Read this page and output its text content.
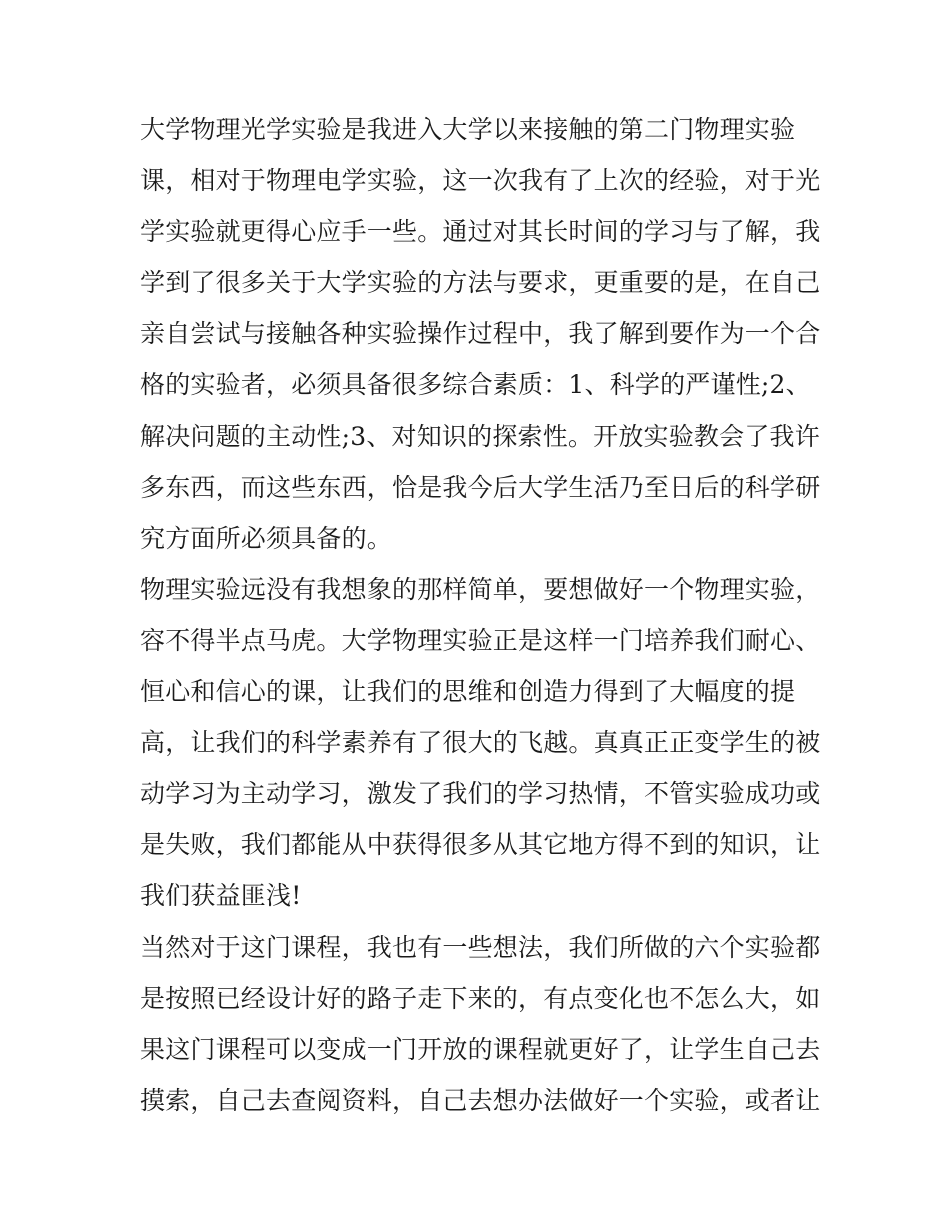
大学物理光学实验是我进入大学以来接触的第二门物理实验
课，相对于物理电学实验，这一次我有了上次的经验，对于光
学实验就更得心应手一些。通过对其长时间的学习与了解，我
学到了很多关于大学实验的方法与要求，更重要的是，在自己
亲自尝试与接触各种实验操作过程中，我了解到要作为一个合
格的实验者，必须具备很多综合素质：1、科学的严谨性;2、
解决问题的主动性;3、对知识的探索性。开放实验教会了我许
多东西，而这些东西，恰是我今后大学生活乃至日后的科学研
究方面所必须具备的。
物理实验远没有我想象的那样简单，要想做好一个物理实验，
容不得半点马虎。大学物理实验正是这样一门培养我们耐心、
恒心和信心的课，让我们的思维和创造力得到了大幅度的提
高，让我们的科学素养有了很大的飞越。真真正正变学生的被
动学习为主动学习，激发了我们的学习热情，不管实验成功或
是失败，我们都能从中获得很多从其它地方得不到的知识，让
我们获益匪浅!
当然对于这门课程，我也有一些想法，我们所做的六个实验都
是按照已经设计好的路子走下来的，有点变化也不怎么大，如
果这门课程可以变成一门开放的课程就更好了，让学生自己去
摸索，自己去查阅资料，自己去想办法做好一个实验，或者让
